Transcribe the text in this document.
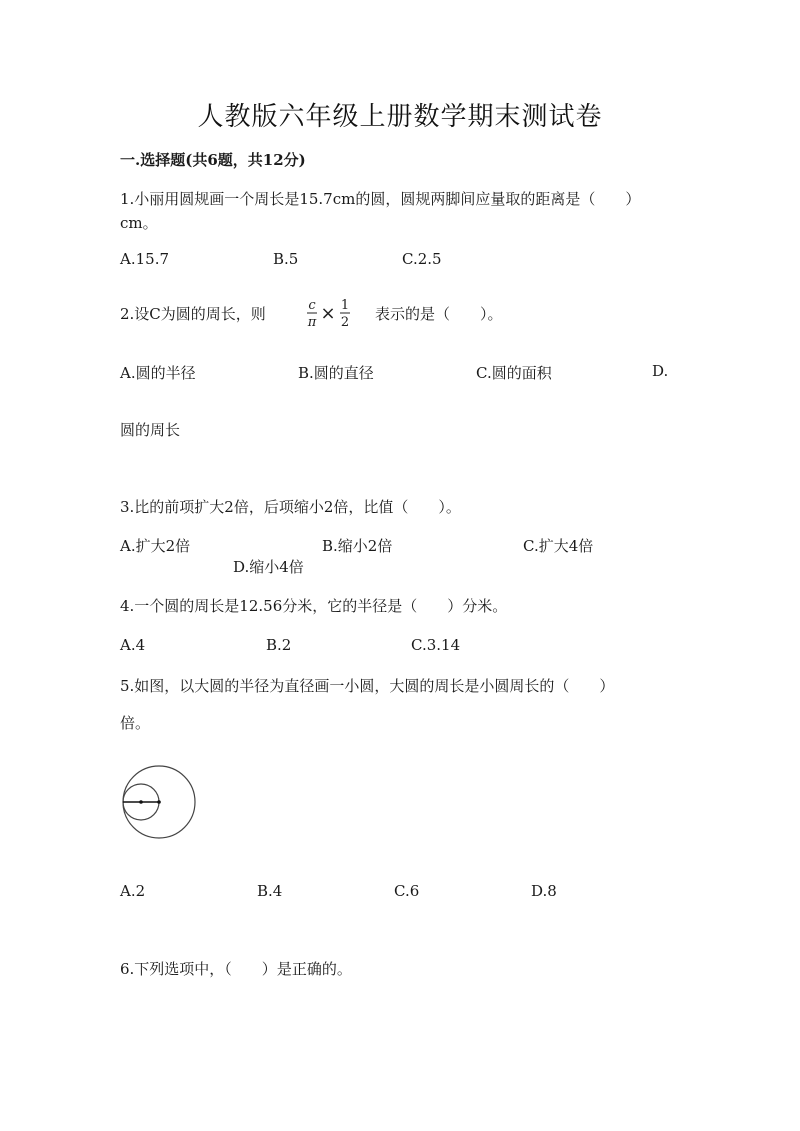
人教版六年级上册数学期末测试卷
一.选择题(共6题，共12分)
1.小丽用圆规画一个周长是15.7cm的圆，圆规两脚间应量取的距离是（　　）
cm。
A.15.7	B.5	C.2.5
2.设C为圆的周长，则	c
π × 1
2 表示的是（　　）。
A.圆的半径	B.圆的直径	C.圆的面积	D.
圆的周长
3.比的前项扩大2倍，后项缩小2倍，比值（　　）。
A.扩大2倍	B.缩小2倍	C.扩大4倍
D.缩小4倍
4.一个圆的周长是12.56分米，它的半径是（　　）分米。
A.4	B.2	C.3.14
5.如图，以大圆的半径为直径画一小圆，大圆的周长是小圆周长的（　　）
倍。
A.2	B.4	C.6	D.8
6.下列选项中，（　　）是正确的。
